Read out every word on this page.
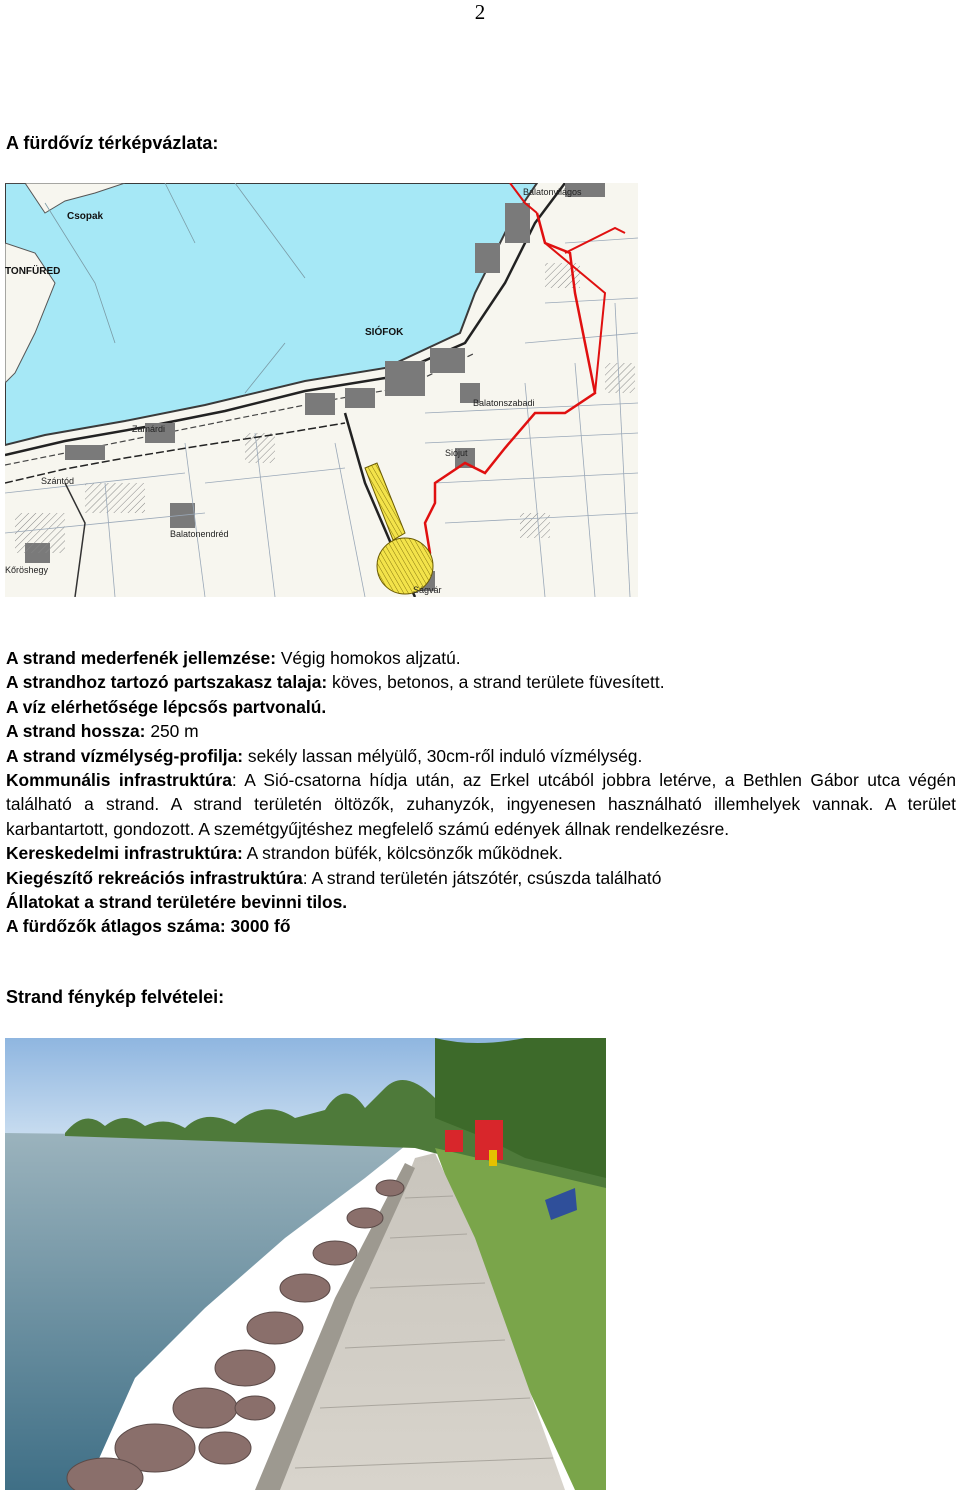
2
A fürdővíz térképvázlata:
Balatonvilágos
Csopak
TONFÜRED
SIÓFOK
Zamárdi
Balatonszabadi
Siójut
Szántód
Balatonendréd
Kőröshegy
Ságvár

A strand mederfenék jellemzése: Végig homokos aljzatú.

A strandhoz tartozó partszakasz talaja: köves, betonos, a strand területe füvesített.

A víz elérhetősége lépcsős partvonalú.

A strand hossza: 250 m

A strand vízmélység-profilja: sekély lassan mélyülő, 30cm-ről induló vízmélység.

Kommunális infrastruktúra: A Sió-csatorna hídja után, az Erkel utcából jobbra letérve, a Bethlen Gábor utca végén található a strand. A strand területén öltözők, zuhanyzók, ingyenesen használható illemhelyek vannak. A terület karbantartott, gondozott. A szemétgyűjtéshez megfelelő számú edények állnak rendelkezésre.

Kereskedelmi infrastruktúra: A strandon büfék, kölcsönzők működnek.

Kiegészítő rekreációs infrastruktúra: A strand területén játszótér, csúszda található

Állatokat a strand területére bevinni tilos.

A fürdőzők átlagos száma: 3000 fő

Strand fénykép felvételei:
